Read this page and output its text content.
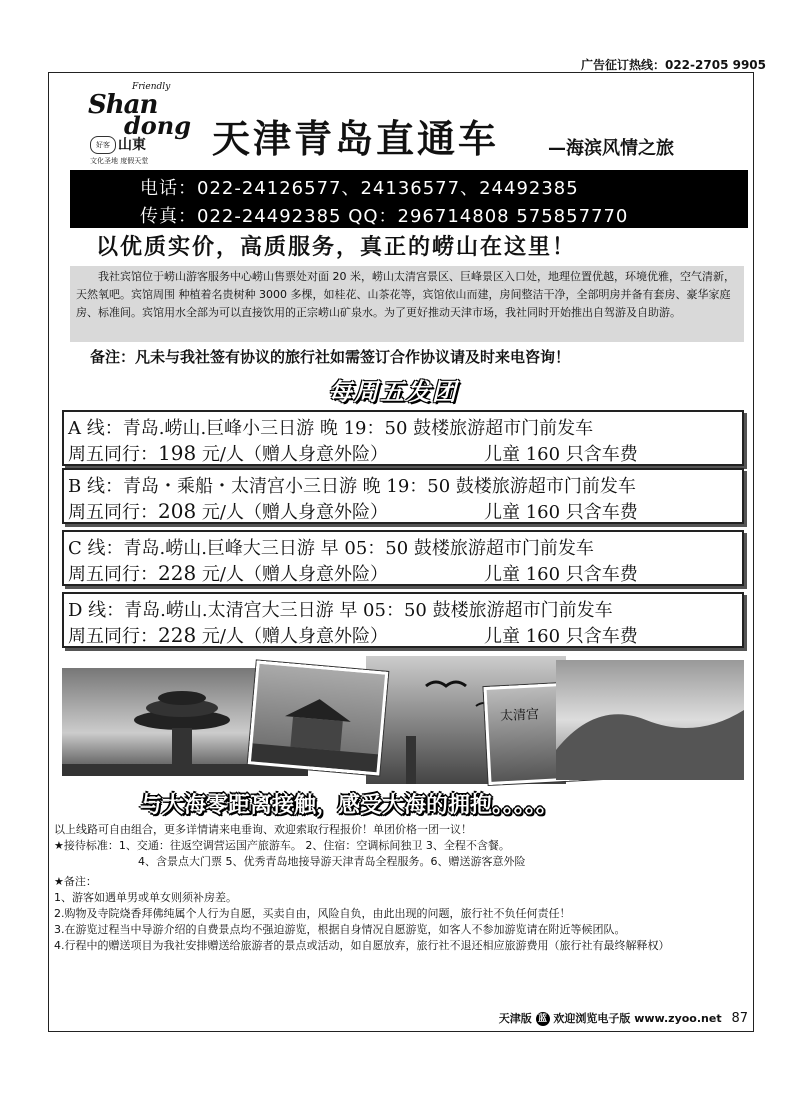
广告征订热线：022-2705 9905
Friendly
Shan
dong
好客 山東
文化圣地 度假天堂 天津青岛直通车	—海滨风情之旅
电话：022-24126577、24136577、24492385
传真：022-24492385 QQ：296714808 575857770
以优质实价，高质服务，真正的崂山在这里！
我社宾馆位于崂山游客服务中心崂山售票处对面 20 米，崂山太清宫景区、巨峰景区入口处，地理位置优越，环境优雅，空气清新，天然氧吧。宾馆周围 种植着名贵树种 3000 多棵，如桂花、山茶花等，宾馆依山而建，房间整洁干净，全部明房并备有套房、豪华家庭房、标准间。宾馆用水全部为可以直接饮用的正宗崂山矿泉水。为了更好推动天津市场，我社同时开始推出自驾游及自助游。
备注：凡未与我社签有协议的旅行社如需签订合作协议请及时来电咨询！
每周五发团
A 线：青岛.崂山.巨峰小三日游 晚 19：50 鼓楼旅游超市门前发车
周五同行：198 元/人（赠人身意外险）	儿童 160 只含车费
B 线：青岛・乘船・太清宫小三日游 晚 19：50 鼓楼旅游超市门前发车
周五同行：208 元/人（赠人身意外险）	儿童 160 只含车费
C 线：青岛.崂山.巨峰大三日游 早 05：50 鼓楼旅游超市门前发车
周五同行：228 元/人（赠人身意外险）	儿童 160 只含车费
D 线：青岛.崂山.太清宫大三日游 早 05：50 鼓楼旅游超市门前发车
周五同行：228 元/人（赠人身意外险）	儿童 160 只含车费
太清宫
与大海零距离接触，感受大海的拥抱。。。。。
以上线路可自由组合，更多详情请来电垂询、欢迎索取行程报价！单团价格一团一议！
★接待标准：1、交通：往返空调营运国产旅游车。 2、住宿：空调标间独卫 3、全程不含餐。
4、含景点大门票 5、优秀青岛地接导游天津青岛全程服务。6、赠送游客意外险
★备注：
1、游客如遇单男或单女则须补房差。
2.购物及寺院烧香拜佛纯属个人行为自愿，买卖自由，风险自负，由此出现的问题，旅行社不负任何责任！
3.在游览过程当中导游介绍的自费景点均不强迫游览，根据自身情况自愿游览，如客人不参加游览请在附近等候团队。
4.行程中的赠送项目为我社安排赠送给旅游者的景点或活动，如自愿放弃，旅行社不退还相应旅游费用（旅行社有最终解释权）
天津版 蓝 欢迎浏览电子版 www.zyoo.net 87
